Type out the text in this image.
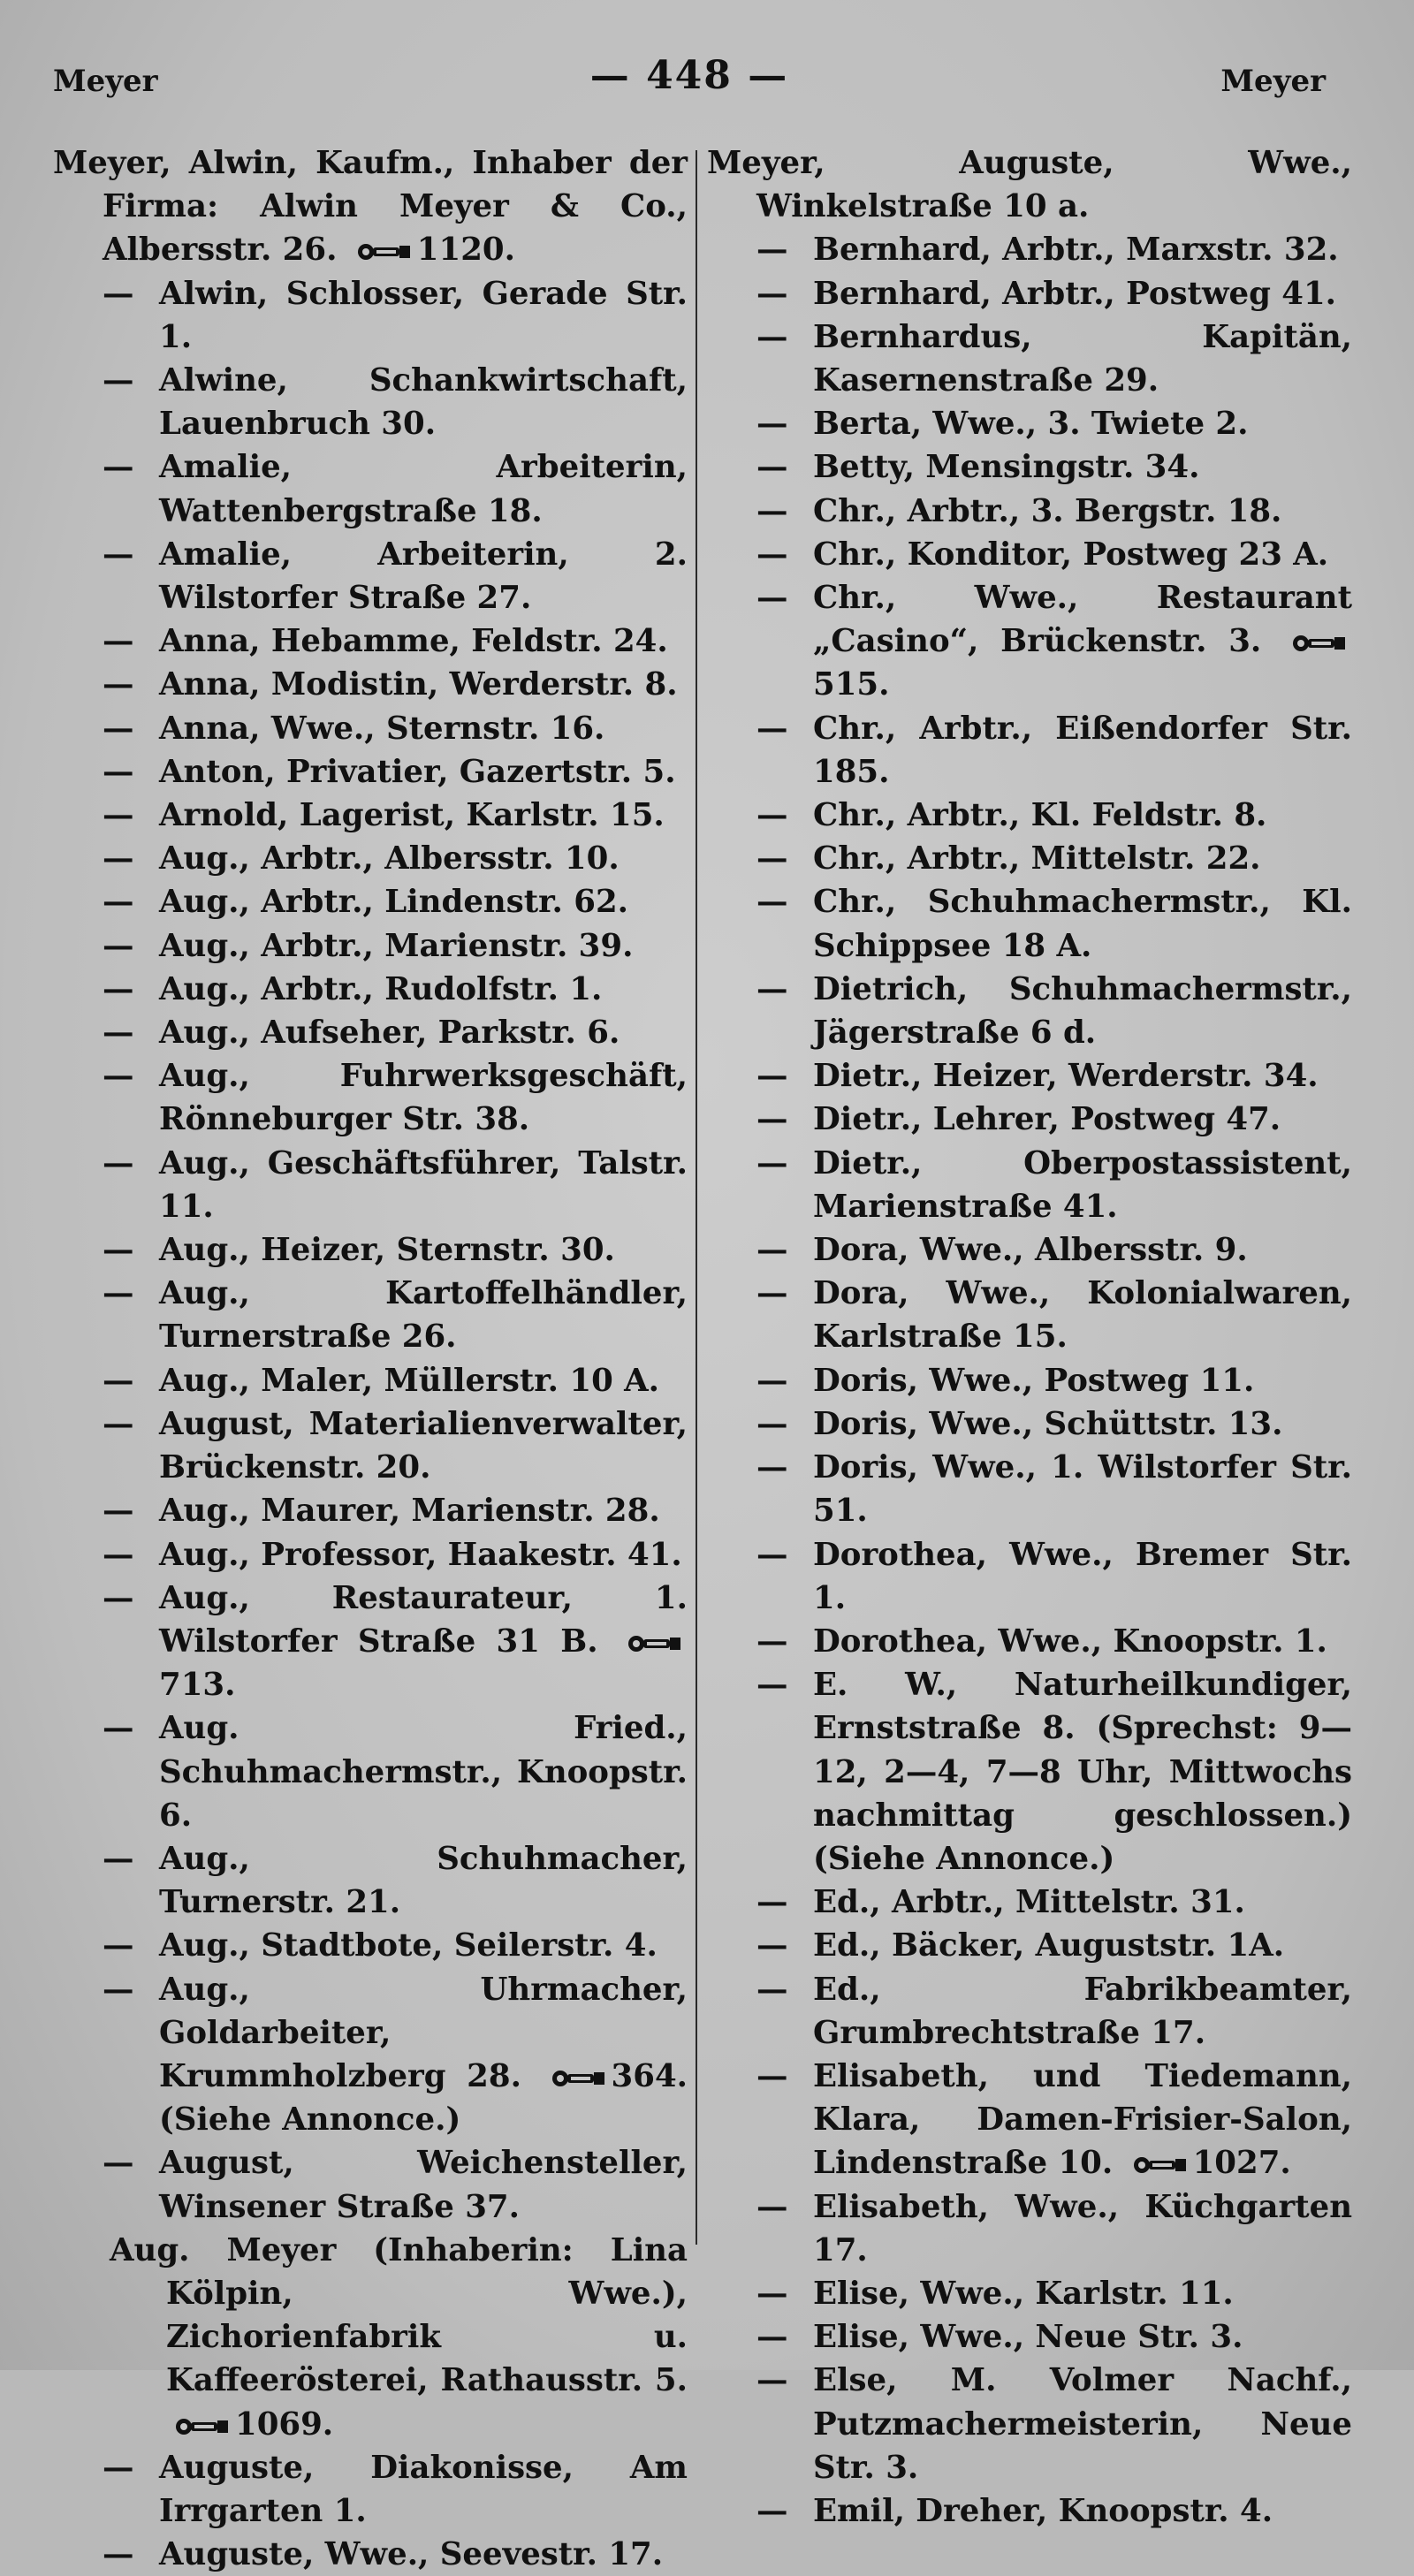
Meyer	— 448 —	Meyer
Meyer, Alwin, Kaufm., Inhaber der Firma: Alwin Meyer & Co., Albersstr. 26.	1120.
— Alwin, Schlosser, Gerade Str. 1.
— Alwine, Schankwirtschaft, Lauenbruch 30.
— Amalie, Arbeiterin, Wattenbergstraße 18.
— Amalie, Arbeiterin, 2. Wilstorfer Straße 27.
— Anna, Hebamme, Feldstr. 24.
— Anna, Modistin, Werderstr. 8.
— Anna, Wwe., Sternstr. 16.
— Anton, Privatier, Gazertstr. 5.
— Arnold, Lagerist, Karlstr. 15.
— Aug., Arbtr., Albersstr. 10.
— Aug., Arbtr., Lindenstr. 62.
— Aug., Arbtr., Marienstr. 39.
— Aug., Arbtr., Rudolfstr. 1.
— Aug., Aufseher, Parkstr. 6.
— Aug., Fuhrwerksgeschäft, Rönneburger Str. 38.
— Aug., Geschäftsführer, Talstr. 11.
— Aug., Heizer, Sternstr. 30.
— Aug., Kartoffelhändler, Turnerstraße 26.
— Aug., Maler, Müllerstr. 10 A.
— August, Materialienverwalter, Brückenstr. 20.
— Aug., Maurer, Marienstr. 28.
— Aug., Professor, Haakestr. 41.
— Aug., Restaurateur, 1. Wilstorfer Straße 31 B.
713.
— Aug. Fried., Schuhmachermstr., Knoopstr. 6.
— Aug., Schuhmacher, Turnerstr. 21.
— Aug., Stadtbote, Seilerstr. 4.
— Aug., Uhrmacher, Goldarbeiter, Krummholzberg 28.	364. (Siehe Annonce.)
— August, Weichensteller, Winsener Straße 37.
Aug. Meyer (Inhaberin: Lina Kölpin, Wwe.), Zichorienfabrik u. Kaffeerösterei, Rathausstr. 5.
1069.
— Auguste, Diakonisse, Am Irrgarten 1.
— Auguste, Wwe., Seevestr. 17.
Meyer, Auguste, Wwe., Winkelstraße 10 a.
— Bernhard, Arbtr., Marxstr. 32.
— Bernhard, Arbtr., Postweg 41.
— Bernhardus, Kapitän, Kasernenstraße 29.
— Berta, Wwe., 3. Twiete 2.
— Betty, Mensingstr. 34.
— Chr., Arbtr., 3. Bergstr. 18.
— Chr., Konditor, Postweg 23 A.
— Chr., Wwe., Restaurant „Casino“, Brückenstr. 3.
515.
— Chr., Arbtr., Eißendorfer Str. 185.
— Chr., Arbtr., Kl. Feldstr. 8.
— Chr., Arbtr., Mittelstr. 22.
— Chr., Schuhmachermstr., Kl. Schippsee 18 A.
— Dietrich, Schuhmachermstr., Jägerstraße 6 d.
— Dietr., Heizer, Werderstr. 34.
— Dietr., Lehrer, Postweg 47.
— Dietr., Oberpostassistent, Marienstraße 41.
— Dora, Wwe., Albersstr. 9.
— Dora, Wwe., Kolonialwaren, Karlstraße 15.
— Doris, Wwe., Postweg 11.
— Doris, Wwe., Schüttstr. 13.
— Doris, Wwe., 1. Wilstorfer Str. 51.
— Dorothea, Wwe., Bremer Str. 1.
— Dorothea, Wwe., Knoopstr. 1.
— E. W., Naturheilkundiger, Ernststraße 8. (Sprechst: 9—12, 2—4, 7—8 Uhr, Mittwochs nachmittag geschlossen.) (Siehe Annonce.)
— Ed., Arbtr., Mittelstr. 31.
— Ed., Bäcker, Auguststr. 1A.
— Ed., Fabrikbeamter, Grumbrechtstraße 17.
— Elisabeth, und Tiedemann, Klara, Damen-Frisier-Salon, Lindenstraße 10.	1027.
— Elisabeth, Wwe., Küchgarten 17.
— Elise, Wwe., Karlstr. 11.
— Elise, Wwe., Neue Str. 3.
— Else, M. Volmer Nachf., Putzmachermeisterin, Neue Str. 3.
— Emil, Dreher, Knoopstr. 4.
